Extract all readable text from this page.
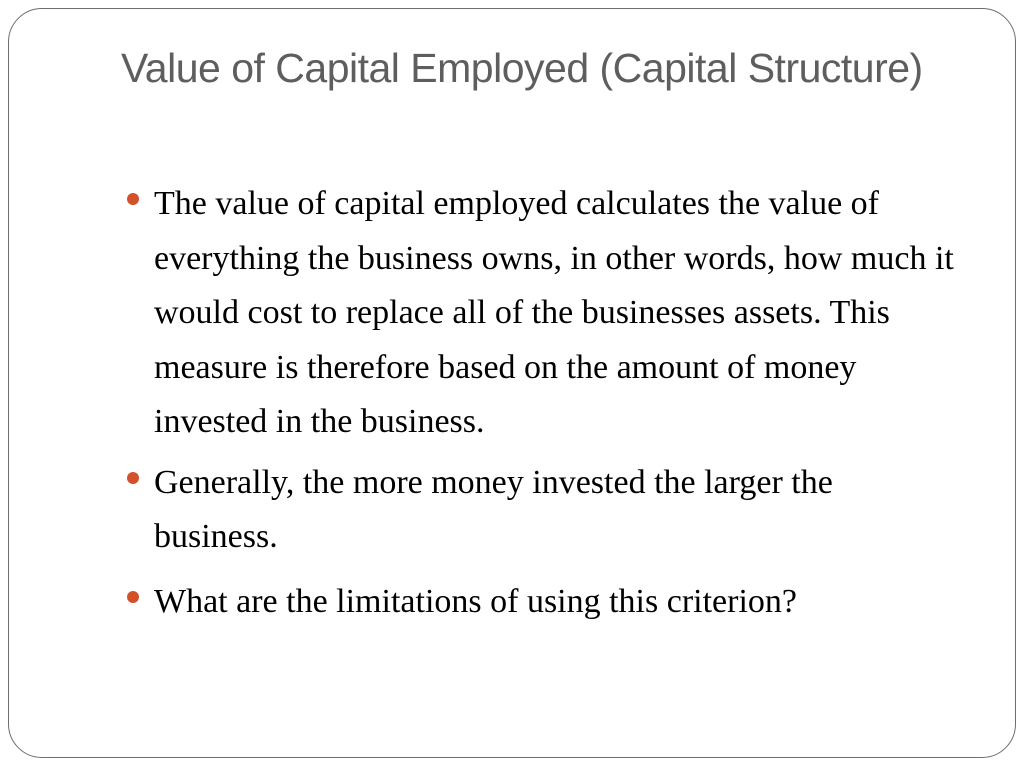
Value of Capital Employed (Capital Structure)
The value of capital employed calculates the value of everything the business owns, in other words, how much it would cost to replace all of the businesses assets. This measure is therefore based on the amount of money invested in the business.
Generally, the more money invested the larger the business.
What are the limitations of using this criterion?
